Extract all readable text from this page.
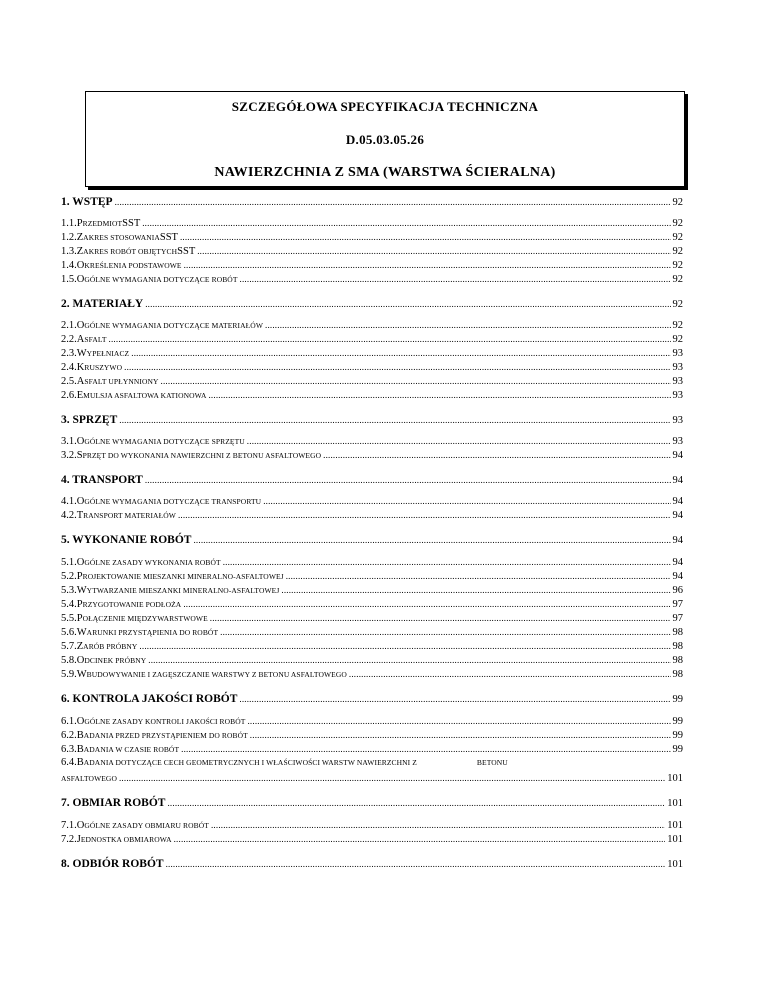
SZCZEGÓŁOWA SPECYFIKACJA TECHNICZNA
D.05.03.05.26
NAWIERZCHNIA Z SMA (WARSTWA ŚCIERALNA)
1. WSTĘP .....	92
1.1. P RZEDMIOT SST .....	92
1.2. Z AKRES STOSOWANIA SST .....	92
1.3. Z AKRES ROBÓT OBJĘTYCH SST .....	92
1.4. O KREŚLENIA PODSTAWOWE .....	92
1.5. O GÓLNE WYMAGANIA DOTYCZĄCE ROBÓT .....	92
2. MATERIAŁY .....	92
2.1. O GÓLNE WYMAGANIA DOTYCZĄCE MATERIAŁÓW .....	92
2.2. A SFALT .....	92
2.3. W YPEŁNIACZ .....	93
2.4. K RUSZYWO .....	93
2.5. A SFALT UPŁYNNIONY .....	93
2.6. E MULSJA ASFALTOWA KATIONOWA .....	93
3. SPRZĘT .....	93
3.1. O GÓLNE WYMAGANIA DOTYCZĄCE SPRZĘTU .....	93
3.2. S PRZĘT DO WYKONANIA NAWIERZCHNI Z BETONU ASFALTOWEGO .....	94
4. TRANSPORT .....	94
4.1. O GÓLNE WYMAGANIA DOTYCZĄCE TRANSPORTU .....	94
4.2. T RANSPORT MATERIAŁÓW .....	94
5. WYKONANIE ROBÓT .....	94
5.1. O GÓLNE ZASADY WYKONANIA ROBÓT .....	94
5.2. P ROJEKTOWANIE MIESZANKI MINERALNO-ASFALTOWEJ .....	94
5.3. W YTWARZANIE MIESZANKI MINERALNO-ASFALTOWEJ .....	96
5.4. P RZYGOTOWANIE PODŁOŻA .....	97
5.5. P OŁĄCZENIE MIĘDZYWARSTWOWE .....	97
5.6. W ARUNKI PRZYSTĄPIENIA DO ROBÓT .....	98
5.7. Z ARÓB PRÓBNY .....	98
5.8. O DCINEK PRÓBNY .....	98
5.9. W BUDOWYWANIE I ZAGĘSZCZANIE WARSTWY Z BETONU ASFALTOWEGO .....	98
6. KONTROLA JAKOŚCI ROBÓT .....	99
6.1. O GÓLNE ZASADY KONTROLI JAKOŚCI ROBÓT .....	99
6.2. B ADANIA PRZED PRZYSTĄPIENIEM DO ROBÓT .....	99
6.3. B ADANIA W CZASIE ROBÓT .....	99
6.4. B ADANIA DOTYCZĄCE CECH GEOMETRYCZNYCH I WŁAŚCIWOŚCI WARSTW NAWIERZCHNI Z	BETONU
ASFALTOWEGO .....	101
7. OBMIAR ROBÓT .....	101
7.1. O GÓLNE ZASADY OBMIARU ROBÓT .....	101
7.2. J EDNOSTKA OBMIAROWA .....	101
8. ODBIÓR ROBÓT .....	101
